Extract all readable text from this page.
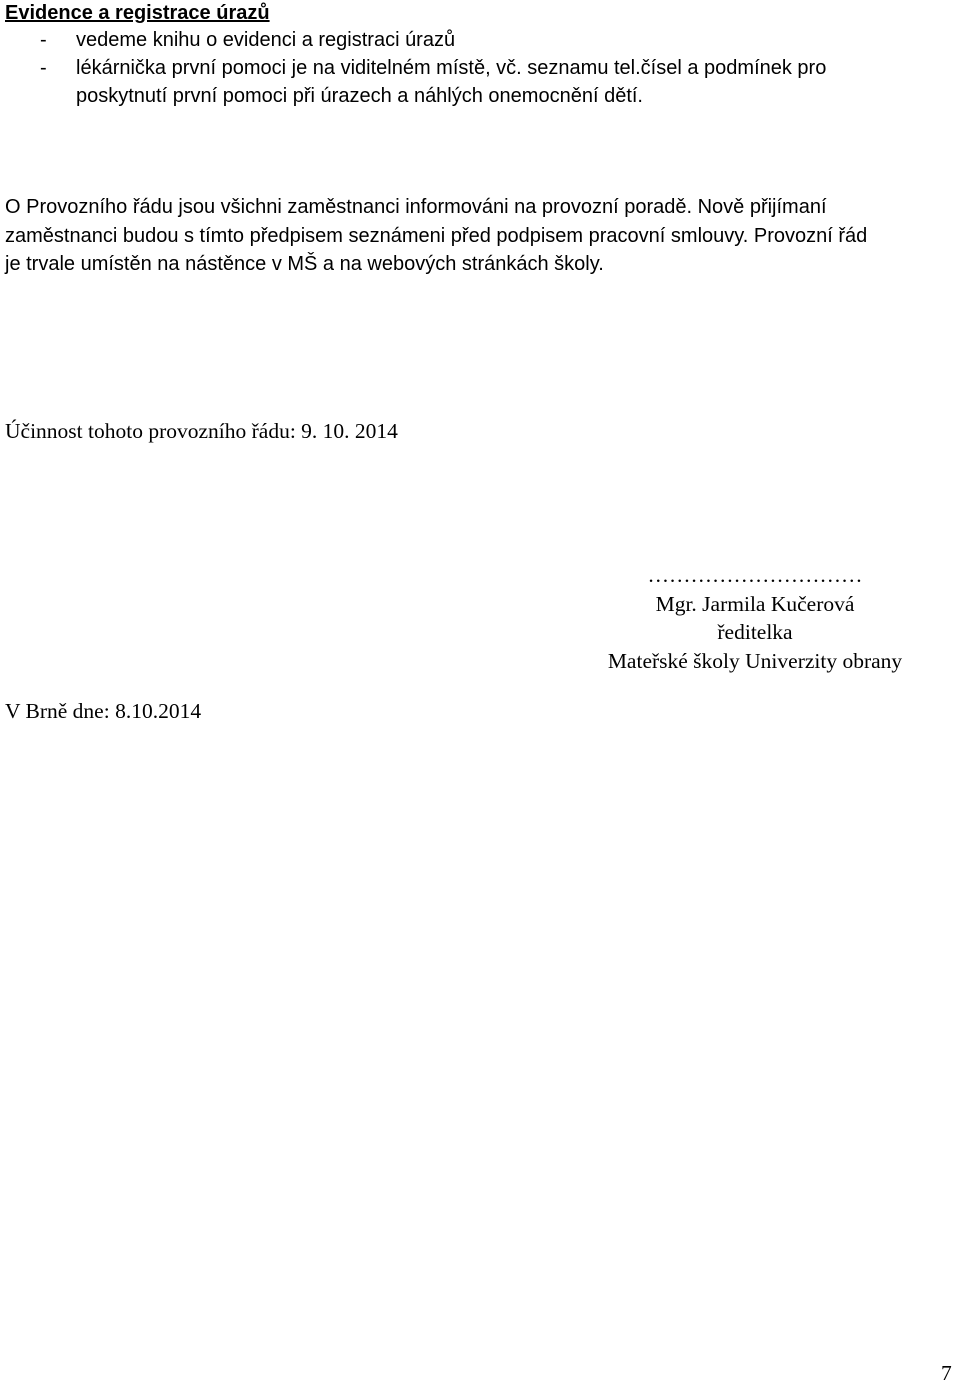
Evidence a registrace úrazů
- vedeme knihu o evidenci a registraci úrazů
- lékárnička první pomoci je na viditelném místě, vč. seznamu tel.čísel a podmínek pro
poskytnutí první pomoci při úrazech a náhlých onemocnění dětí.
O Provozního řádu jsou všichni zaměstnanci informováni na provozní poradě. Nově přijímaní
zaměstnanci budou s tímto předpisem seznámeni před podpisem pracovní smlouvy. Provozní řád
je trvale umístěn na nástěnce v MŠ a na webových stránkách školy.
Účinnost tohoto provozního řádu: 9. 10. 2014
…………………………
Mgr. Jarmila Kučerová
ředitelka
Mateřské školy Univerzity obrany
V Brně dne: 8.10.2014
7
